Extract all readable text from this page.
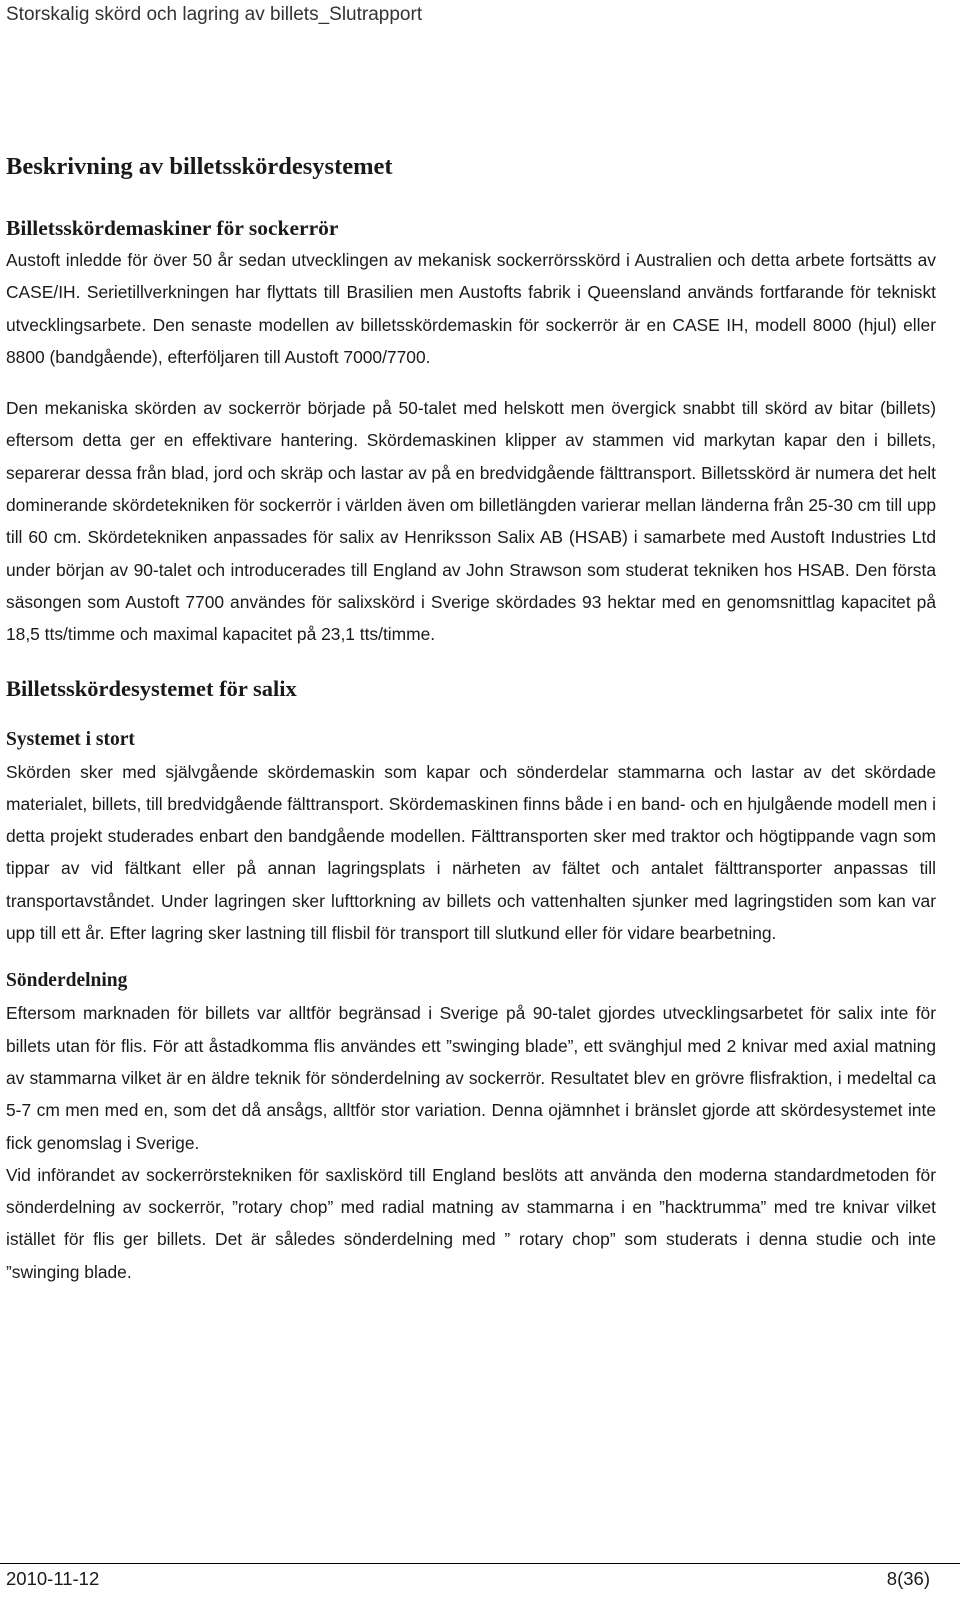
Storskalig skörd och lagring av billets_Slutrapport
Beskrivning av billetsskördesystemet
Billetsskördemaskiner för sockerrör

Austoft inledde för över 50 år sedan utvecklingen av mekanisk sockerrörsskörd i Australien och detta arbete fortsätts av CASE/IH. Serietillverkningen har flyttats till Brasilien men Austofts fabrik i Queensland används fortfarande för tekniskt utvecklingsarbete. Den senaste modellen av billetsskördemaskin för sockerrör är en CASE IH, modell 8000 (hjul) eller 8800 (bandgående), efterföljaren till Austoft 7000/7700.

Den mekaniska skörden av sockerrör började på 50-talet med helskott men övergick snabbt till skörd av bitar (billets) eftersom detta ger en effektivare hantering. Skördemaskinen klipper av stammen vid markytan kapar den i billets, separerar dessa från blad, jord och skräp och lastar av på en bredvidgående fälttransport. Billetsskörd är numera det helt dominerande skördetekniken för sockerrör i världen även om billetlängden varierar mellan länderna från 25-30 cm till upp till 60 cm. Skördetekniken anpassades för salix av Henriksson Salix AB (HSAB) i samarbete med Austoft Industries Ltd under början av 90-talet och introducerades till England av John Strawson som studerat tekniken hos HSAB. Den första säsongen som Austoft 7700 användes för salixskörd i Sverige skördades 93 hektar med en genomsnittlag kapacitet på 18,5 tts/timme och maximal kapacitet på 23,1 tts/timme.

Billetsskördesystemet för salix
Systemet i stort

Skörden sker med självgående skördemaskin som kapar och sönderdelar stammarna och lastar av det skördade materialet, billets, till bredvidgående fälttransport. Skördemaskinen finns både i en band- och en hjulgående modell men i detta projekt studerades enbart den bandgående modellen. Fälttransporten sker med traktor och högtippande vagn som tippar av vid fältkant eller på annan lagringsplats i närheten av fältet och antalet fälttransporter anpassas till transportavståndet. Under lagringen sker lufttorkning av billets och vattenhalten sjunker med lagringstiden som kan var upp till ett år. Efter lagring sker lastning till flisbil för transport till slutkund eller för vidare bearbetning.

Sönderdelning

Eftersom marknaden för billets var alltför begränsad i Sverige på 90-talet gjordes utvecklingsarbetet för salix inte för billets utan för flis. För att åstadkomma flis användes ett ”swinging blade”, ett svänghjul med 2 knivar med axial matning av stammarna vilket är en äldre teknik för sönderdelning av sockerrör. Resultatet blev en grövre flisfraktion, i medeltal ca 5-7 cm men med en, som det då ansågs, alltför stor variation. Denna ojämnhet i bränslet gjorde att skördesystemet inte fick genomslag i Sverige.

Vid införandet av sockerrörstekniken för saxliskörd till England beslöts att använda den moderna standardmetoden för sönderdelning av sockerrör, ”rotary chop” med radial matning av stammarna i en ”hacktrumma” med tre knivar vilket istället för flis ger billets. Det är således sönderdelning med ” rotary chop” som studerats i denna studie och inte ”swinging blade.

2010-11-12	8(36)
